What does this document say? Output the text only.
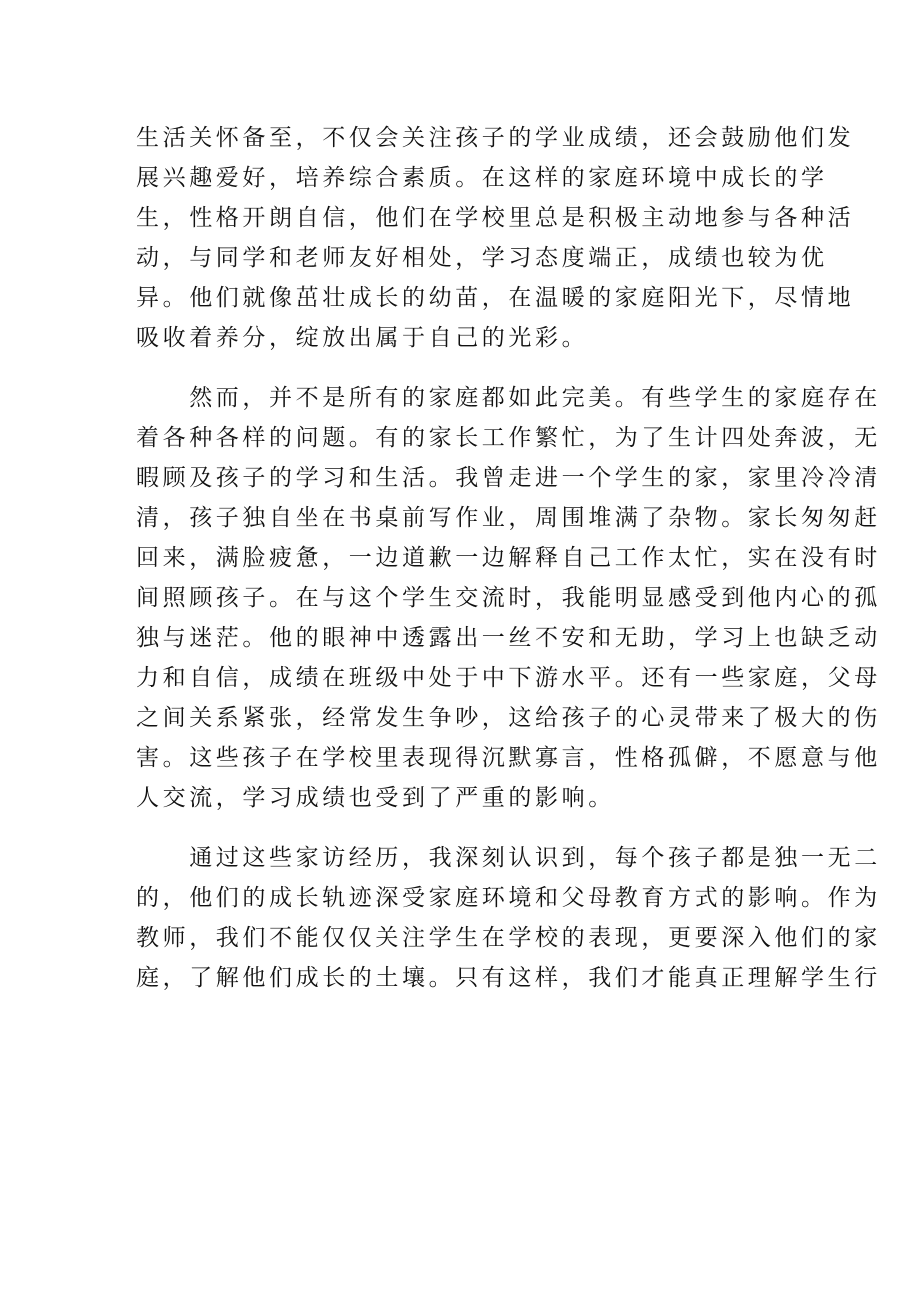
生活关怀备至，不仅会关注孩子的学业成绩，还会鼓励他们发
展兴趣爱好，培养综合素质。在这样的家庭环境中成长的学
生，性格开朗自信，他们在学校里总是积极主动地参与各种活
动，与同学和老师友好相处，学习态度端正，成绩也较为优
异。他们就像茁壮成长的幼苗，在温暖的家庭阳光下，尽情地
吸收着养分，绽放出属于自己的光彩。
　　然而，并不是所有的家庭都如此完美。有些学生的家庭存在
着各种各样的问题。有的家长工作繁忙，为了生计四处奔波，无
暇顾及孩子的学习和生活。我曾走进一个学生的家，家里冷冷清
清，孩子独自坐在书桌前写作业，周围堆满了杂物。家长匆匆赶
回来，满脸疲惫，一边道歉一边解释自己工作太忙，实在没有时
间照顾孩子。在与这个学生交流时，我能明显感受到他内心的孤
独与迷茫。他的眼神中透露出一丝不安和无助，学习上也缺乏动
力和自信，成绩在班级中处于中下游水平。还有一些家庭，父母
之间关系紧张，经常发生争吵，这给孩子的心灵带来了极大的伤
害。这些孩子在学校里表现得沉默寡言，性格孤僻，不愿意与他
人交流，学习成绩也受到了严重的影响。
　　通过这些家访经历，我深刻认识到，每个孩子都是独一无二
的，他们的成长轨迹深受家庭环境和父母教育方式的影响。作为
教师，我们不能仅仅关注学生在学校的表现，更要深入他们的家
庭，了解他们成长的土壤。只有这样，我们才能真正理解学生行
